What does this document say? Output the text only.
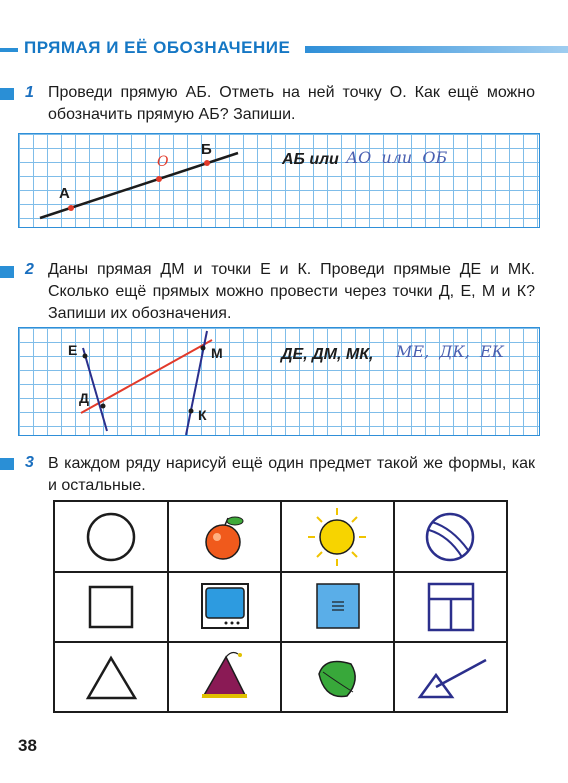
ПРЯМАЯ И ЕЁ ОБОЗНАЧЕНИЕ
1 Проведи прямую АБ. Отметь на ней точку О. Как ещё можно обозначить прямую АБ? Запиши.
А
Б
О	АБ или АО  или  ОБ
2 Даны прямая ДМ и точки Е и К. Проведи прямые ДЕ и МК. Сколько ещё прямых можно провести через точки Д, Е, М и К? Запиши их обозначения.
Е
Д
М
К
ДЕ, ДМ, МК, МЕ,  ДК,  ЕК
3 В каждом ряду нарисуй ещё один предмет такой же формы, как и остальные.
38
